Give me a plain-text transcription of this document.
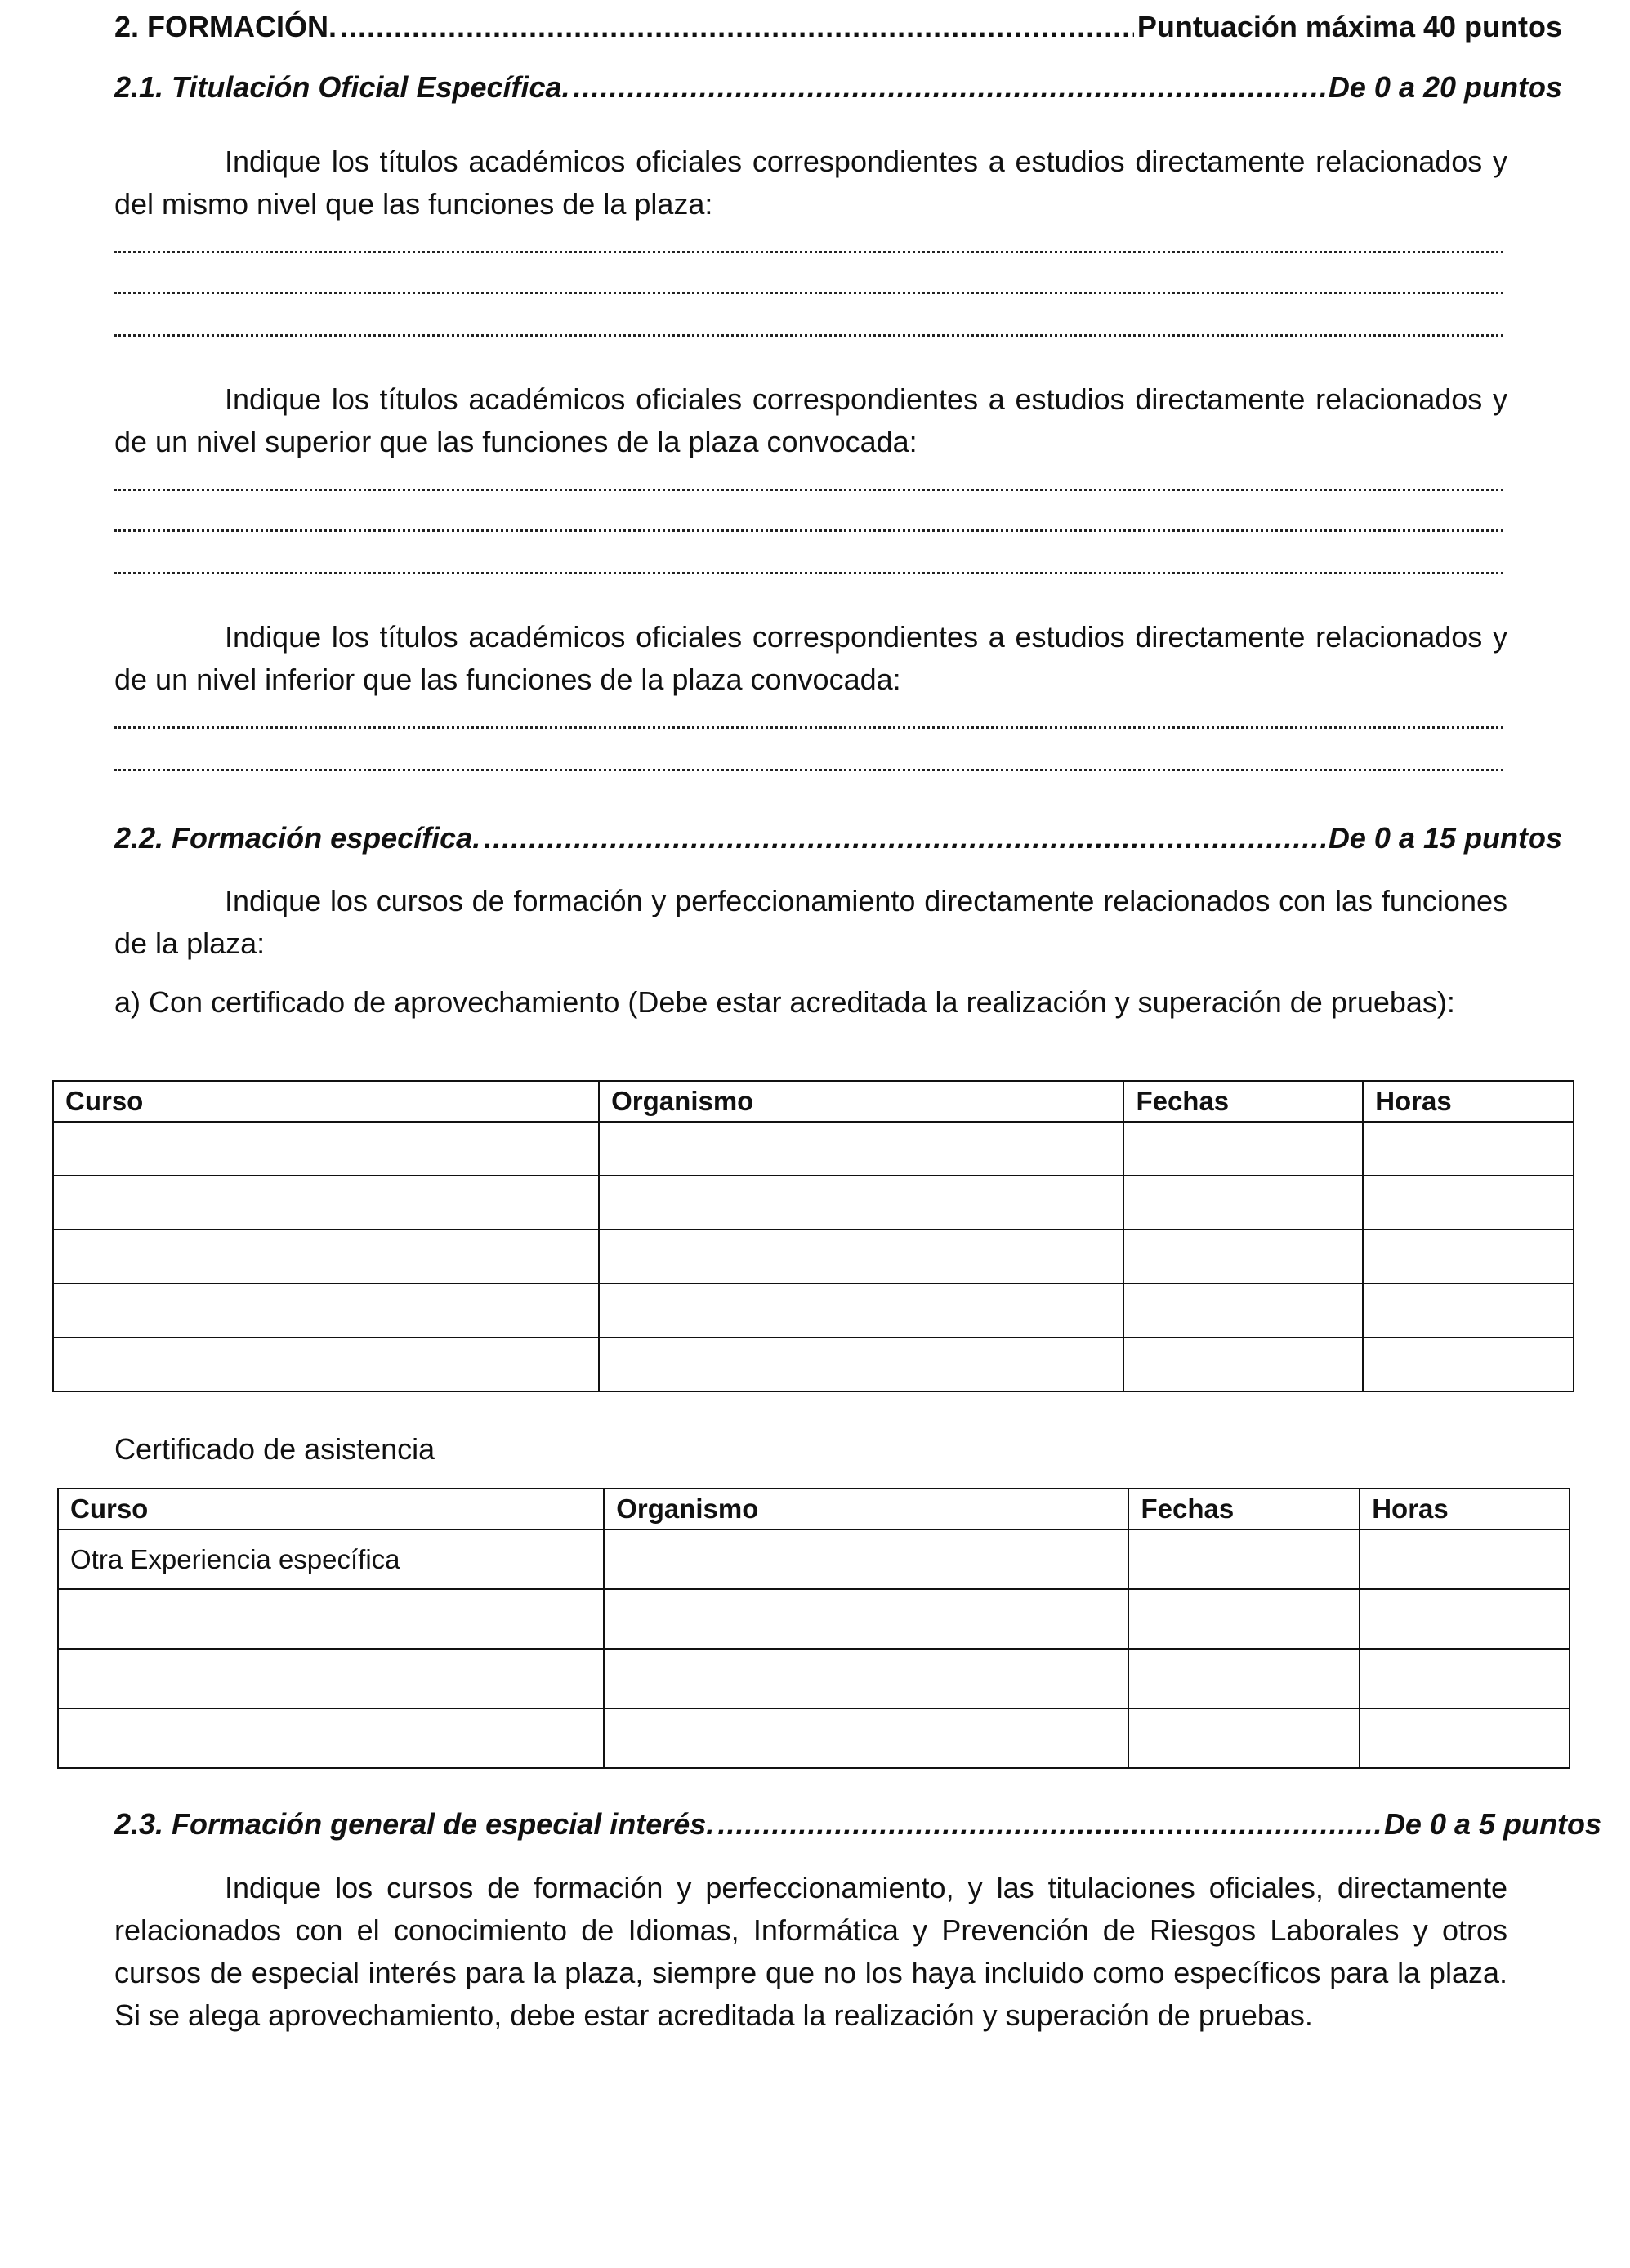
2. FORMACIÓN. .....	Puntuación máxima 40 puntos
2.1. Titulación Oficial Específica. .....	De 0 a 20 puntos
Indique los títulos académicos oficiales correspondientes a estudios directamente relacionados y del mismo nivel que las funciones de la plaza:
Indique los títulos académicos oficiales correspondientes a estudios directamente relacionados y de un nivel superior que las funciones de la plaza convocada:
Indique los títulos académicos oficiales correspondientes a estudios directamente relacionados y de un nivel inferior que las funciones de la plaza convocada:
2.2. Formación específica. .....	De 0 a 15 puntos
Indique los cursos de formación y perfeccionamiento directamente relacionados con las funciones de la plaza:
a) Con certificado de aprovechamiento (Debe estar acreditada la realización y superación de pruebas):
Curso	Organismo	Fechas	Horas

Certificado de asistencia
Curso	Organismo	Fechas	Horas
Otra Experiencia específica			

2.3. Formación general de especial interés. .....	De 0 a 5 puntos
Indique los cursos de formación y perfeccionamiento, y las titulaciones oficiales, directamente relacionados con el conocimiento de Idiomas, Informática y Prevención de Riesgos Laborales y otros cursos de especial interés para la plaza, siempre que no los haya incluido como específicos para la plaza. Si se alega aprovechamiento, debe estar acreditada la realización y superación de pruebas.
